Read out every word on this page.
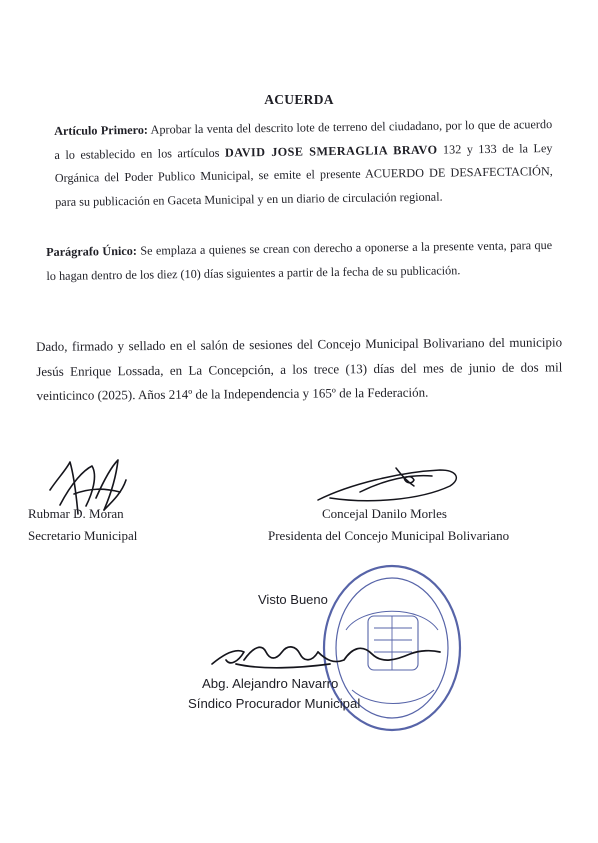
ACUERDA
Artículo Primero: Aprobar la venta del descrito lote de terreno del ciudadano, por lo que de acuerdo a lo establecido en los artículos DAVID JOSE SMERAGLIA BRAVO 132 y 133 de la Ley Orgánica del Poder Publico Municipal, se emite el presente ACUERDO DE DESAFECTACIÓN, para su publicación en Gaceta Municipal y en un diario de circulación regional.
Parágrafo Único: Se emplaza a quienes se crean con derecho a oponerse a la presente venta, para que lo hagan dentro de los diez (10) días siguientes a partir de la fecha de su publicación.
Dado, firmado y sellado en el salón de sesiones del Concejo Municipal Bolivariano del municipio Jesús Enrique Lossada, en La Concepción, a los trece (13) días del mes de junio de dos mil veinticinco (2025). Años 214º de la Independencia y 165º de la Federación.
Rubmar D. Moran
Secretario Municipal
Concejal Danilo Morles
Presidenta del Concejo Municipal Bolivariano
Visto Bueno
Abg. Alejandro Navarro
Síndico Procurador Municipal
